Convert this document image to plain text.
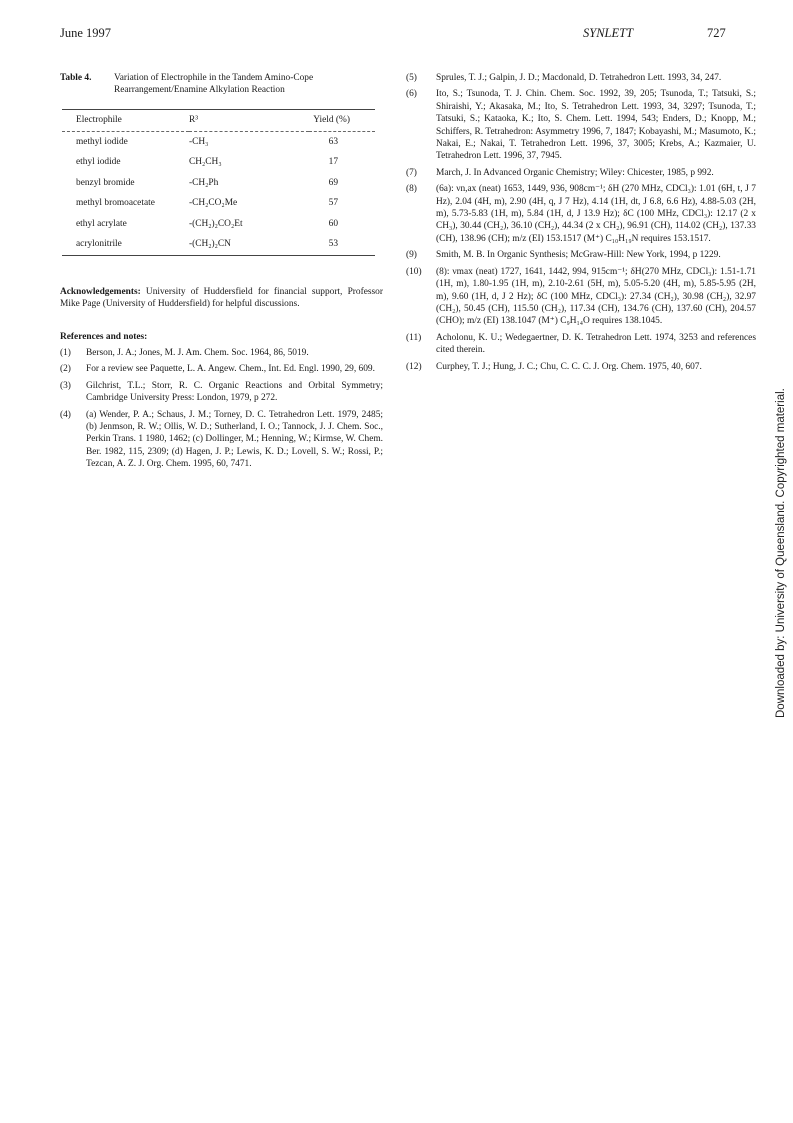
June 1997	SYNLETT	727
Table 4.	Variation of Electrophile in the Tandem Amino-Cope Rearrangement/Enamine Alkylation Reaction
Electrophile	R³	Yield (%)
methyl iodide	-CH₃	63
ethyl iodide	CH₂CH₃	17
benzyl bromide	-CH₂Ph	69
methyl bromoacetate	-CH₂CO₂Me	57
ethyl acrylate	-(CH₂)₂CO₂Et	60
acrylonitrile	-(CH₂)₂CN	53
Acknowledgements: University of Huddersfield for financial support, Professor Mike Page (University of Huddersfield) for helpful discussions.
References and notes:
(1)	Berson, J. A.; Jones, M. J. Am. Chem. Soc. 1964, 86, 5019.
(2)	For a review see Paquette, L. A. Angew. Chem., Int. Ed. Engl. 1990, 29, 609.
(3)	Gilchrist, T.L.; Storr, R. C. Organic Reactions and Orbital Symmetry; Cambridge University Press: London, 1979, p 272.
(4)	(a) Wender, P. A.; Schaus, J. M.; Torney, D. C. Tetrahedron Lett. 1979, 2485; (b) Jenmson, R. W.; Ollis, W. D.; Sutherland, I. O.; Tannock, J. J. Chem. Soc., Perkin Trans. 1 1980, 1462; (c) Dollinger, M.; Henning, W.; Kirmse, W. Chem. Ber. 1982, 115, 2309; (d) Hagen, J. P.; Lewis, K. D.; Lovell, S. W.; Rossi, P.; Tezcan, A. Z. J. Org. Chem. 1995, 60, 7471.
(5)	Sprules, T. J.; Galpin, J. D.; Macdonald, D. Tetrahedron Lett. 1993, 34, 247.
(6)	Ito, S.; Tsunoda, T. J. Chin. Chem. Soc. 1992, 39, 205; Tsunoda, T.; Tatsuki, S.; Shiraishi, Y.; Akasaka, M.; Ito, S. Tetrahedron Lett. 1993, 34, 3297; Tsunoda, T.; Tatsuki, S.; Kataoka, K.; Ito, S. Chem. Lett. 1994, 543; Enders, D.; Knopp, M.; Schiffers, R. Tetrahedron: Asymmetry 1996, 7, 1847; Kobayashi, M.; Masumoto, K.; Nakai, E.; Nakai, T. Tetrahedron Lett. 1996, 37, 3005; Krebs, A.; Kazmaier, U. Tetrahedron Lett. 1996, 37, 7945.
(7)	March, J. In Advanced Organic Chemistry; Wiley: Chicester, 1985, p 992.
(8)	(6a): νn,ax (neat) 1653, 1449, 936, 908cm⁻¹; δH (270 MHz, CDCl₃): 1.01 (6H, t, J 7 Hz), 2.04 (4H, m), 2.90 (4H, q, J 7 Hz), 4.14 (1H, dt, J 6.8, 6.6 Hz), 4.88-5.03 (2H, m), 5.73-5.83 (1H, m), 5.84 (1H, d, J 13.9 Hz); δC (100 MHz, CDCl₃): 12.17 (2 x CH₃), 30.44 (CH₂), 36.10 (CH₂), 44.34 (2 x CH₂), 96.91 (CH), 114.02 (CH₂), 137.33 (CH), 138.96 (CH); m/z (EI) 153.1517 (M⁺) C₁₀H₁₉N requires 153.1517.
(9)	Smith, M. B. In Organic Synthesis; McGraw-Hill: New York, 1994, p 1229.
(10)	(8): νmax (neat) 1727, 1641, 1442, 994, 915cm⁻¹; δH(270 MHz, CDCl₃): 1.51-1.71 (1H, m), 1.80-1.95 (1H, m), 2.10-2.61 (5H, m), 5.05-5.20 (4H, m), 5.85-5.95 (2H, m), 9.60 (1H, d, J 2 Hz); δC (100 MHz, CDCl₃): 27.34 (CH₂), 30.98 (CH₂), 32.97 (CH₂), 50.45 (CH), 115.50 (CH₂), 117.34 (CH), 134.76 (CH), 137.60 (CH), 204.57 (CHO); m/z (EI) 138.1047 (M⁺) C₉H₁₄O requires 138.1045.
(11)	Acholonu, K. U.; Wedegaertner, D. K. Tetrahedron Lett. 1974, 3253 and references cited therein.
(12)	Curphey, T. J.; Hung, J. C.; Chu, C. C. C. J. Org. Chem. 1975, 40, 607.
Downloaded by: University of Queensland. Copyrighted material.
